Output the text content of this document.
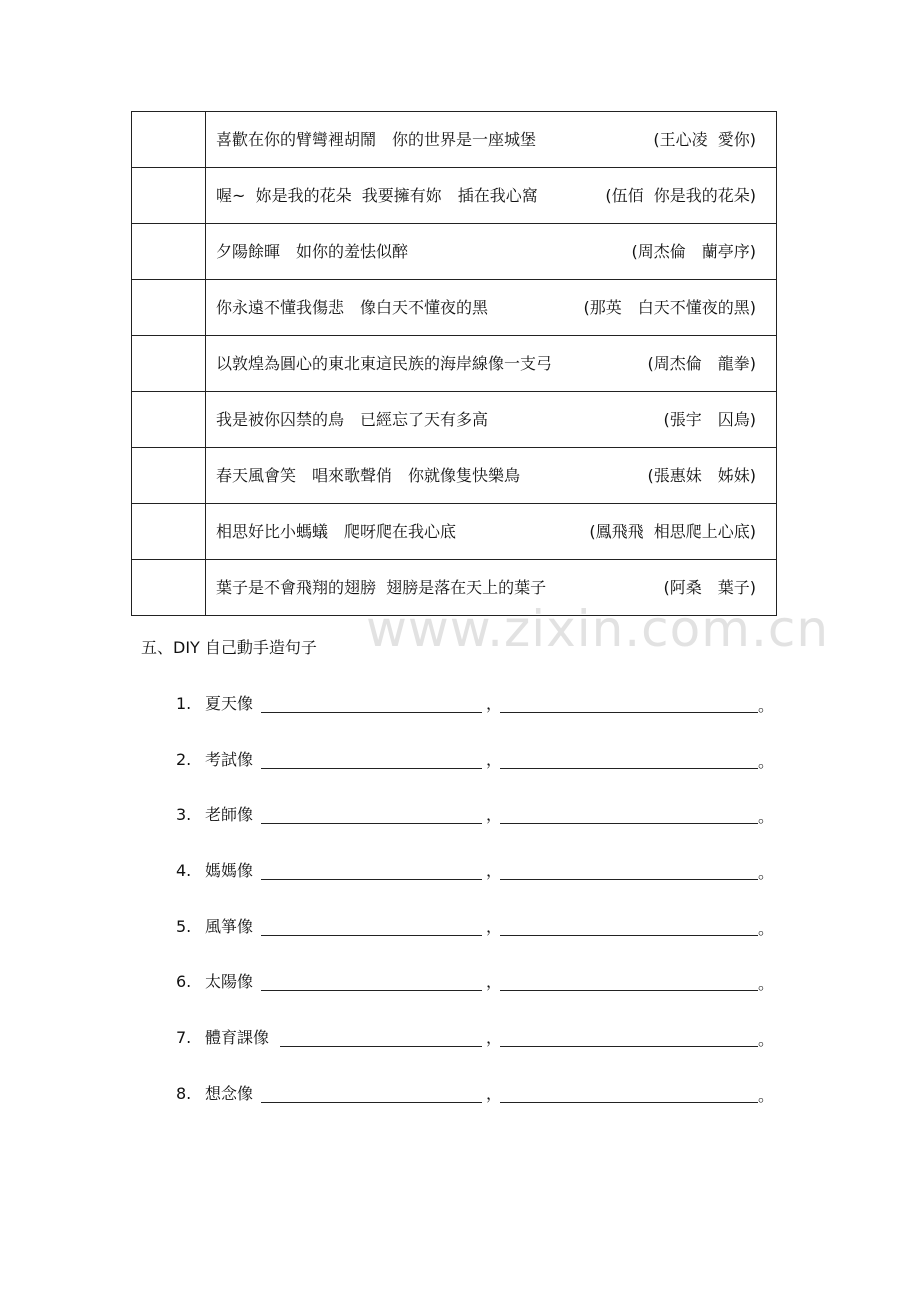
	喜歡在你的臂彎裡胡鬧　你的世界是一座城堡 (王心凌  愛你)

	喔~  妳是我的花朵  我要擁有妳　插在我心窩 (伍佰  你是我的花朵)

	夕陽餘暉　如你的羞怯似醉 (周杰倫　蘭亭序)

	你永遠不懂我傷悲　像白天不懂夜的黑 (那英　白天不懂夜的黑)

	以敦煌為圓心的東北東這民族的海岸線像一支弓 (周杰倫　龍拳)

	我是被你囚禁的鳥　已經忘了天有多高 (張宇　囚鳥)

	春天風會笑　唱來歌聲俏　你就像隻快樂鳥 (張惠妹　姊妹)

	相思好比小螞蟻　爬呀爬在我心底 (鳳飛飛  相思爬上心底)

	葉子是不會飛翔的翅膀  翅膀是落在天上的葉子 (阿桑　葉子)
www.zixin.com.cn
五、DIY 自己動手造句子
1. 夏天像	，	。
2. 考試像	，	。
3. 老師像	，	。
4. 媽媽像	，	。
5. 風箏像	，	。
6. 太陽像	，	。
7. 體育課像	，	。
8. 想念像	，	。
